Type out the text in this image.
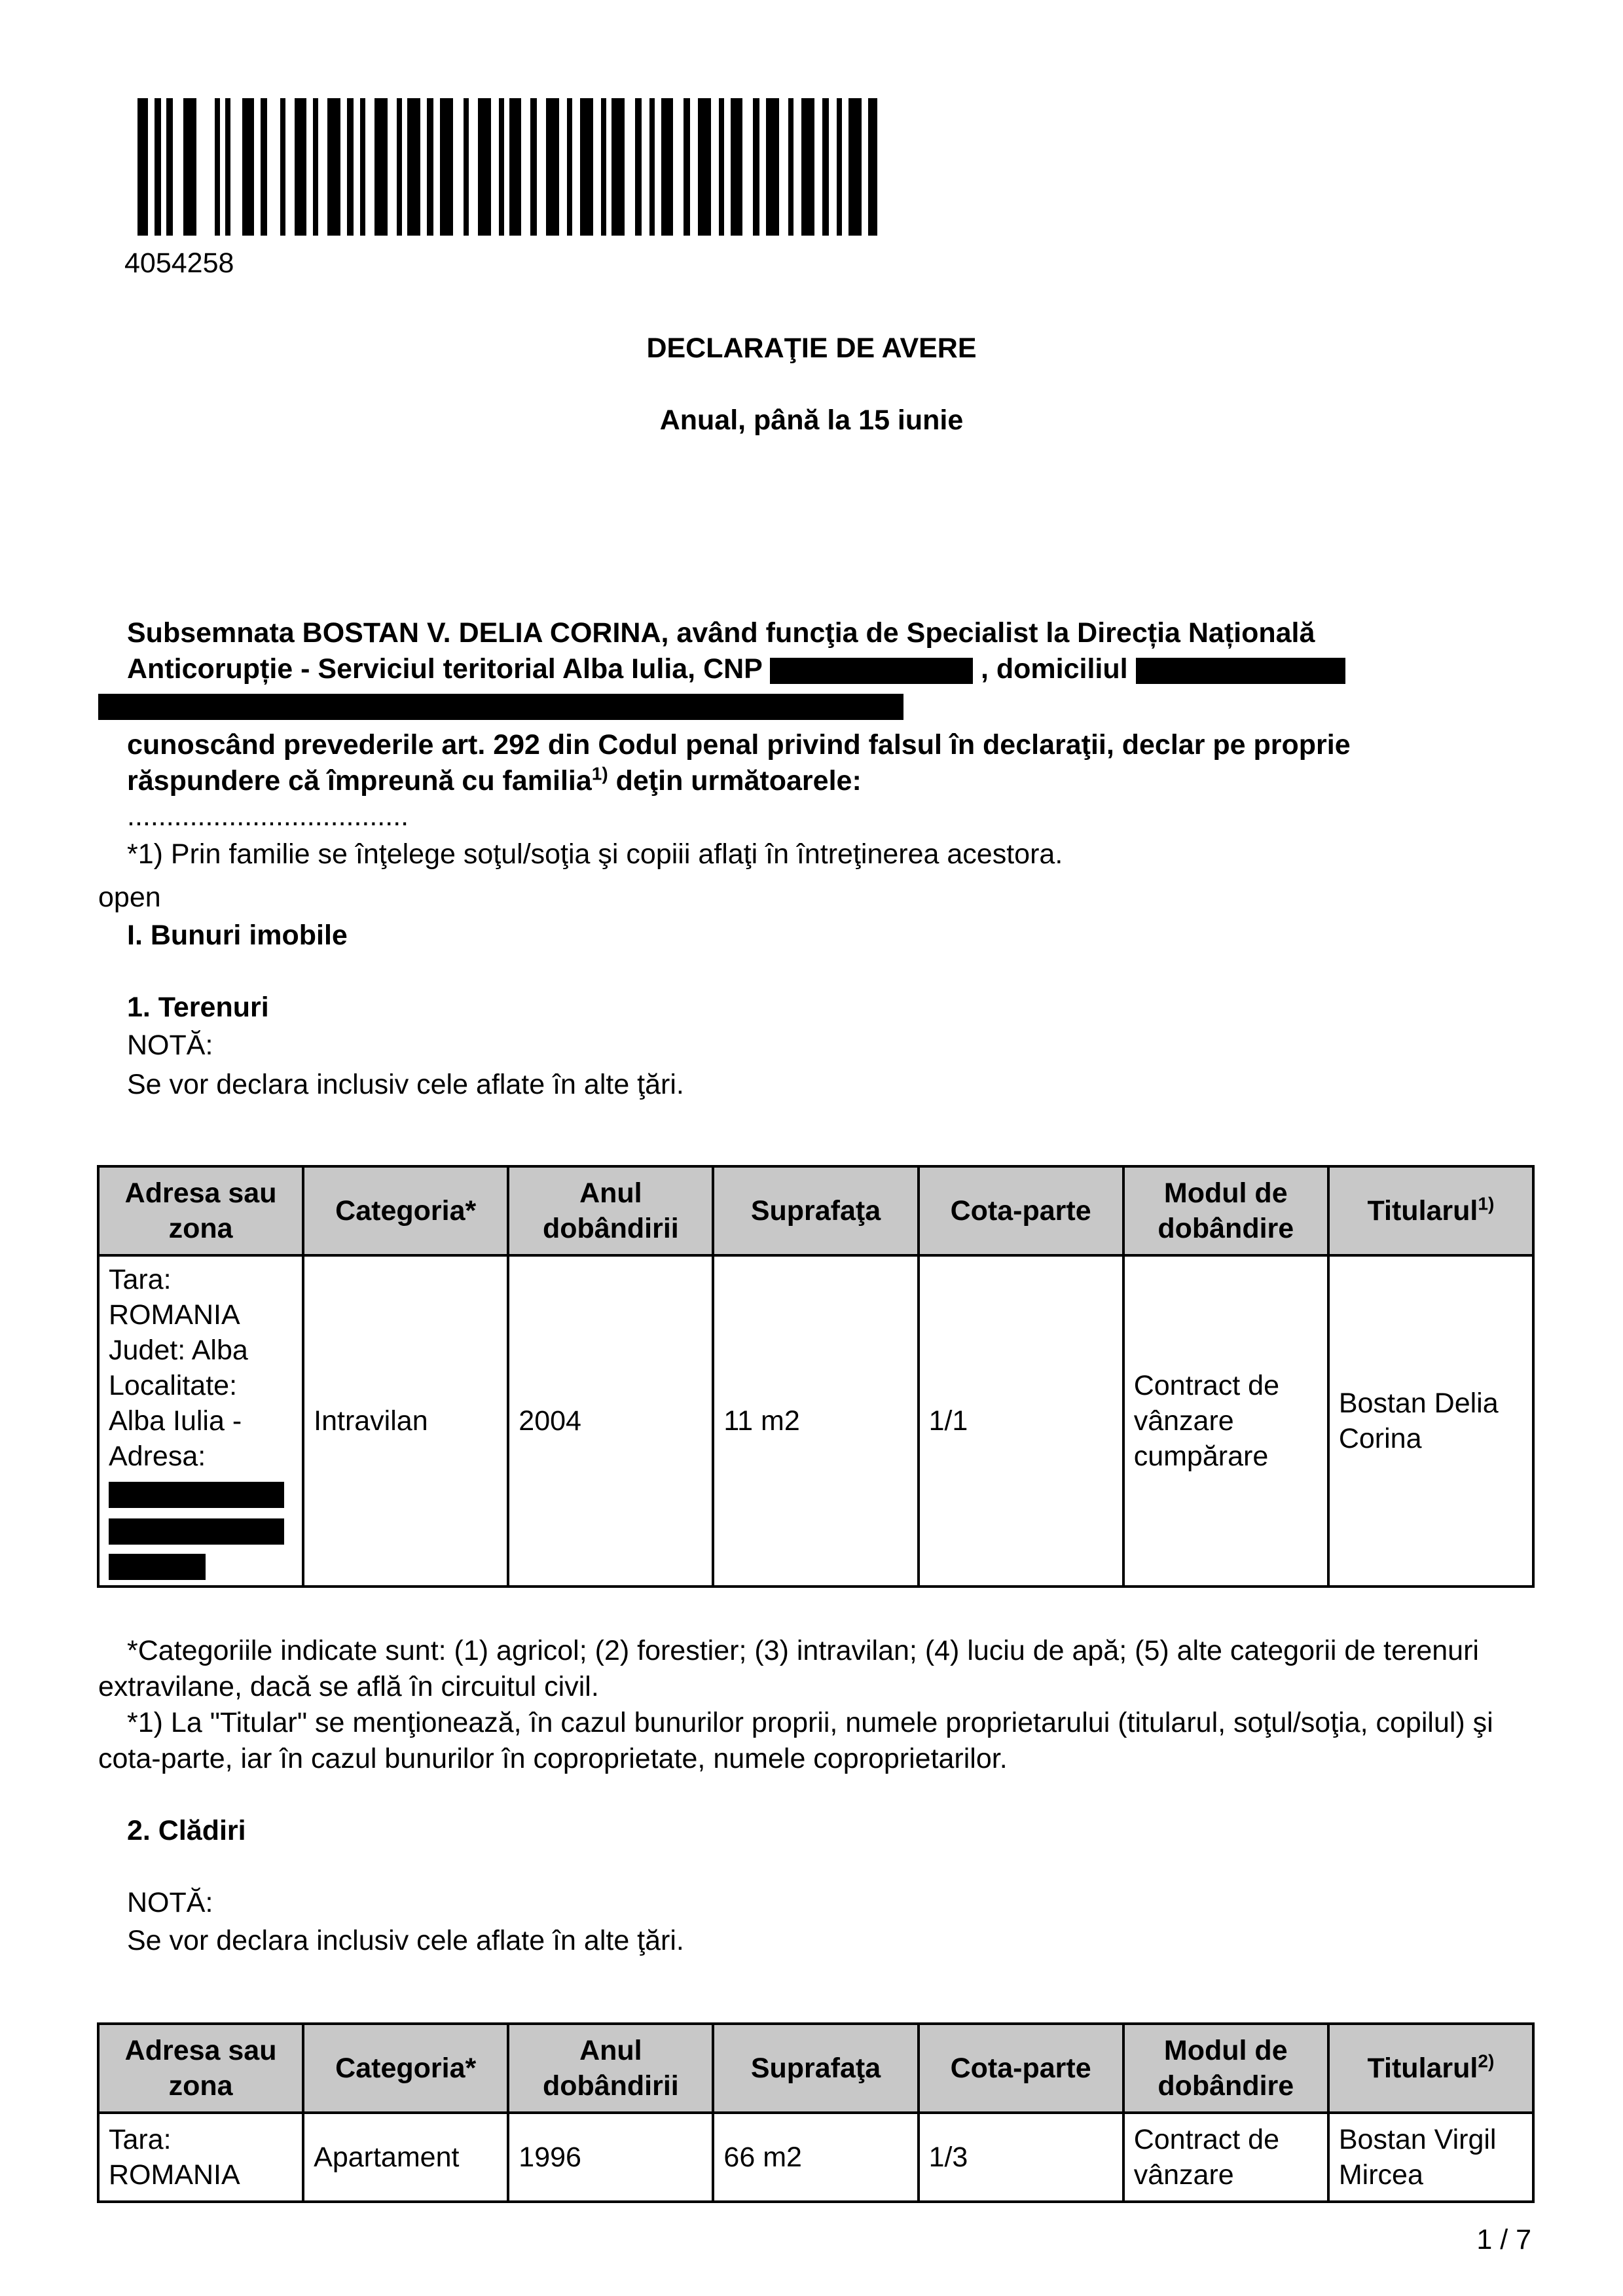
4054258
DECLARAŢIE DE AVERE
Anual, până la 15 iunie

Subsemnata BOSTAN V. DELIA CORINA, având funcţia de Specialist la Direcția Națională Anticorupție - Serviciul teritorial Alba Iulia, CNP	, domiciliul

cunoscând prevederile art. 292 din Codul penal privind falsul în declaraţii, declar pe proprie răspundere că împreună cu familia$^{1)}$ deţin următoarele:

....................................
*1) Prin familie se înţelege soţul/soţia şi copiii aflaţi în întreţinerea acestora.
open
I. Bunuri imobile
1. Terenuri
NOTĂ:
Se vor declara inclusiv cele aflate în alte ţări.
Adresa sau zona	Categoria*	Anul dobândirii	Suprafaţa	Cota-parte	Modul de dobândire	Titularul$^{1)}$

Tara: ROMANIA Judet: Alba Localitate: Alba Iulia - Adresa:	Intravilan	2004	11 m2	1/1	Contract de vânzare cumpărare	Bostan Delia Corina
*Categoriile indicate sunt: (1) agricol; (2) forestier; (3) intravilan; (4) luciu de apă; (5) alte categorii de terenuri extravilane, dacă se află în circuitul civil.
*1) La "Titular" se menţionează, în cazul bunurilor proprii, numele proprietarului (titularul, soţul/soţia, copilul) şi cota-parte, iar în cazul bunurilor în coproprietate, numele coproprietarilor.
2. Clădiri
NOTĂ:
Se vor declara inclusiv cele aflate în alte ţări.
Adresa sau zona	Categoria*	Anul dobândirii	Suprafaţa	Cota-parte	Modul de dobândire	Titularul$^{2)}$
Tara: ROMANIA	Apartament	1996	66 m2	1/3	Contract de vânzare	Bostan Virgil Mircea
1 / 7
